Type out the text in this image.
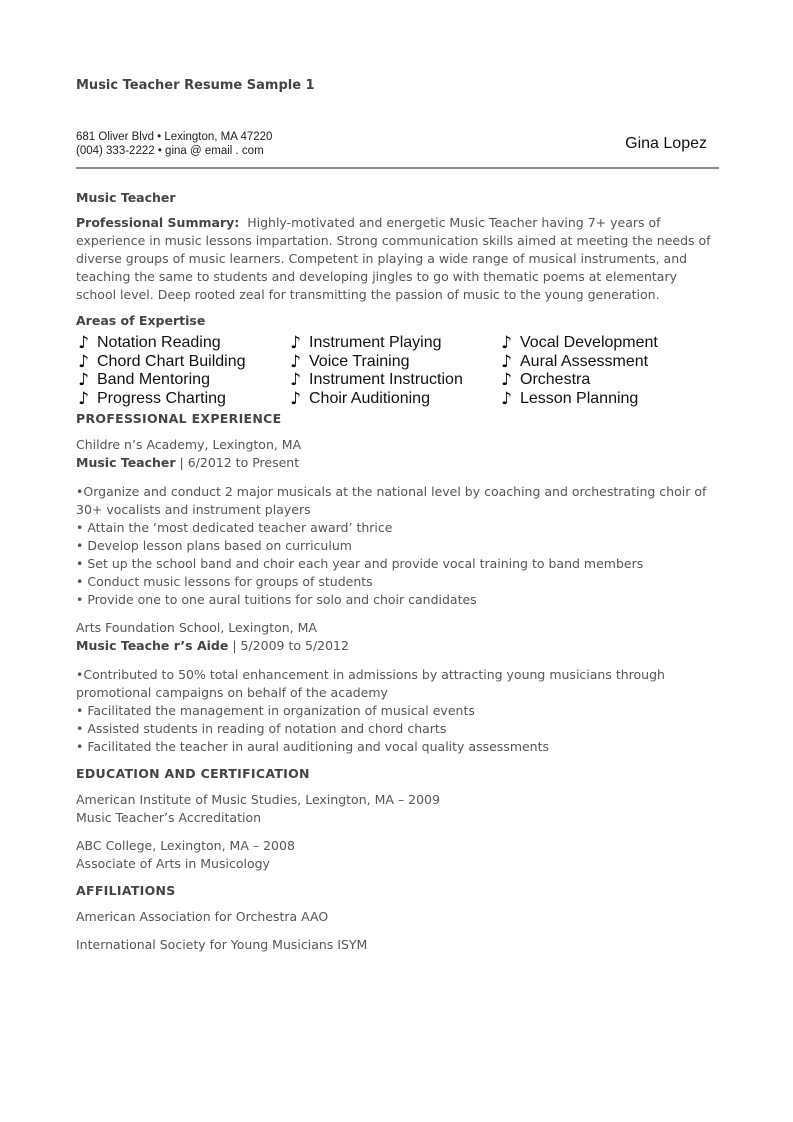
Music Teacher Resume Sample 1
681 Oliver Blvd • Lexington, MA 47220
(004) 333-2222 • gina @ email . com	Gina Lopez

Music Teacher

Professional Summary: Highly-motivated and energetic Music Teacher having 7+ years of experience in music lessons impartation. Strong communication skills aimed at meeting the needs of diverse groups of music learners. Competent in playing a wide range of musical instruments, and teaching the same to students and developing jingles to go with thematic poems at elementary school level. Deep rooted zeal for transmitting the passion of music to the young generation.

Areas of Expertise

♪ Notation Reading	♪ Instrument Playing	♪ Vocal Development
♪ Chord Chart Building	♪ Voice Training	♪ Aural Assessment
♪ Band Mentoring	♪ Instrument Instruction ♪ Orchestra
♪ Progress Charting	♪ Choir Auditioning	♪ Lesson Planning

PROFESSIONAL EXPERIENCE

Childre n’s Academy, Lexington, MA

Music Teacher | 6/2012 to Present

•Organize and conduct 2 major musicals at the national level by coaching and orchestrating choir of 30+ vocalists and instrument players
• Attain the ‘most dedicated teacher award’ thrice
• Develop lesson plans based on curriculum
• Set up the school band and choir each year and provide vocal training to band members
• Conduct music lessons for groups of students
• Provide one to one aural tuitions for solo and choir candidates

Arts Foundation School, Lexington, MA

Music Teache r’s Aide | 5/2009 to 5/2012

•Contributed to 50% total enhancement in admissions by attracting young musicians through promotional campaigns on behalf of the academy
• Facilitated the management in organization of musical events
• Assisted students in reading of notation and chord charts
• Facilitated the teacher in aural auditioning and vocal quality assessments

EDUCATION AND CERTIFICATION

American Institute of Music Studies, Lexington, MA – 2009

Music Teacher’s Accreditation

ABC College, Lexington, MA – 2008

Associate of Arts in Musicology

AFFILIATIONS

American Association for Orchestra AAO

International Society for Young Musicians ISYM
